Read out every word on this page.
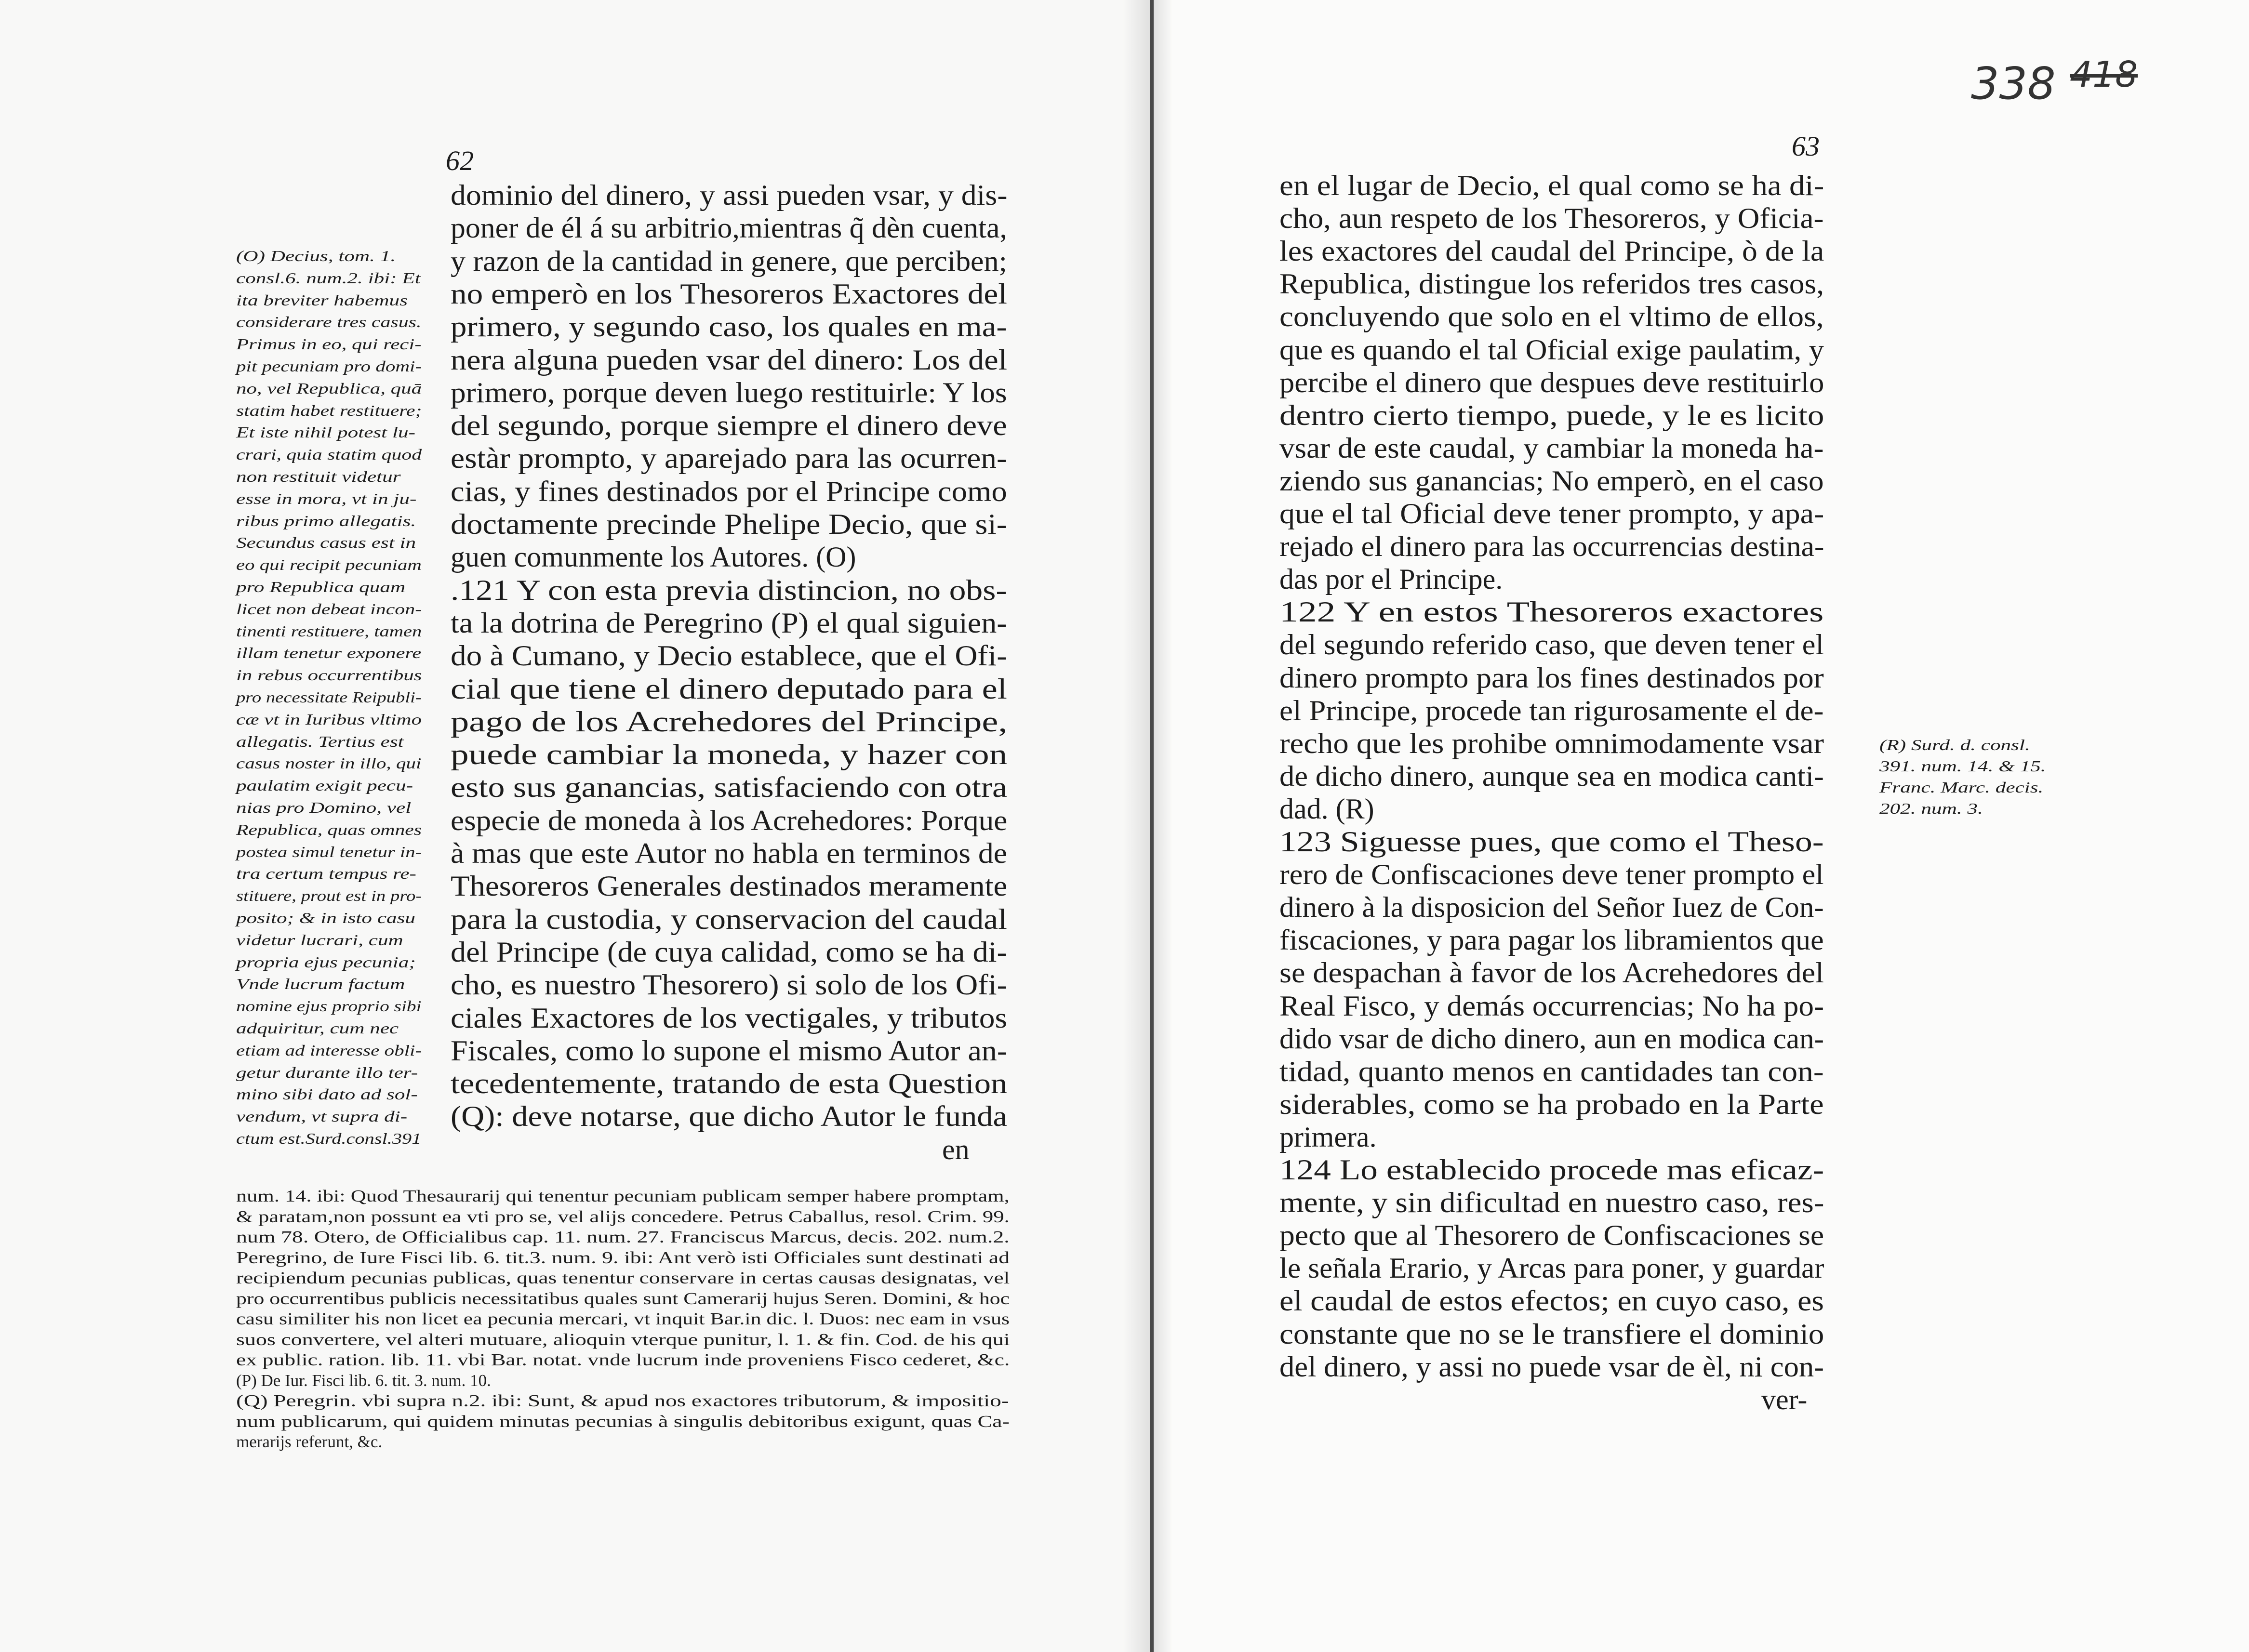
62
dominio del dinero, y assi pueden vsar, y dis-
poner de él á su arbitrio,mientras q̃ dèn cuenta,
y razon de la cantidad in genere, que perciben;
no emperò en los Thesoreros Exactores del
primero, y segundo caso, los quales en ma-
nera alguna pueden vsar del dinero: Los del
primero, porque deven luego restituirle: Y los
del segundo, porque siempre el dinero deve
estàr prompto, y aparejado para las ocurren-
cias, y fines destinados por el Principe como
doctamente precinde Phelipe Decio, que si-
guen comunmente los Autores. (O)
.121 Y con esta previa distincion, no obs-
ta la dotrina de Peregrino (P) el qual siguien-
do à Cumano, y Decio establece, que el Ofi-
cial que tiene el dinero deputado para el
pago de los Acrehedores del Principe,
puede cambiar la moneda, y hazer con
esto sus ganancias, satisfaciendo con otra
especie de moneda à los Acrehedores: Porque
à mas que este Autor no habla en terminos de
Thesoreros Generales destinados meramente
para la custodia, y conservacion del caudal
del Principe (de cuya calidad, como se ha di-
cho, es nuestro Thesorero) si solo de los Ofi-
ciales Exactores de los vectigales, y tributos
Fiscales, como lo supone el mismo Autor an-
tecedentemente, tratando de esta Question
(Q): deve notarse, que dicho Autor le funda
en
(O) Decius, tom. 1.
consl.6. num.2. ibi: Et
ita breviter habemus
considerare tres casus.
Primus in eo, qui reci-
pit pecuniam pro domi-
no, vel Republica, quā
statim habet restituere;
Et iste nihil potest lu-
crari, quia statim quod
non restituit videtur
esse in mora, vt in ju-
ribus primo allegatis.
Secundus casus est in
eo qui recipit pecuniam
pro Republica quam
licet non debeat incon-
tinenti restituere, tamen
illam tenetur exponere
in rebus occurrentibus
pro necessitate Reipubli-
cæ vt in Iuribus vltimo
allegatis. Tertius est
casus noster in illo, qui
paulatim exigit pecu-
nias pro Domino, vel
Republica, quas omnes
postea simul tenetur in-
tra certum tempus re-
stituere, prout est in pro-
posito; & in isto casu
videtur lucrari, cum
propria ejus pecunia;
Vnde lucrum factum
nomine ejus proprio sibi
adquiritur, cum nec
etiam ad interesse obli-
getur durante illo ter-
mino sibi dato ad sol-
vendum, vt supra di-
ctum est.Surd.consl.391
num. 14. ibi: Quod Thesaurarij qui tenentur pecuniam publicam semper habere promptam,
& paratam,non possunt ea vti pro se, vel alijs concedere. Petrus Caballus, resol. Crim. 99.
num 78. Otero, de Officialibus cap. 11. num. 27. Franciscus Marcus, decis. 202. num.2.
Peregrino, de Iure Fisci lib. 6. tit.3. num. 9. ibi: Ant verò isti Officiales sunt destinati ad
recipiendum pecunias publicas, quas tenentur conservare in certas causas designatas, vel
pro occurrentibus publicis necessitatibus quales sunt Camerarij hujus Seren. Domini, & hoc
casu similiter his non licet ea pecunia mercari, vt inquit Bar.in dic. l. Duos: nec eam in vsus
suos convertere, vel alteri mutuare, alioquin vterque punitur, l. 1. & fin. Cod. de his qui
ex public. ration. lib. 11. vbi Bar. notat. vnde lucrum inde proveniens Fisco cederet, &c.
(P) De Iur. Fisci lib. 6. tit. 3. num. 10.
(Q) Peregrin. vbi supra n.2. ibi: Sunt, & apud nos exactores tributorum, & impositio-
num publicarum, qui quidem minutas pecunias à singulis debitoribus exigunt, quas Ca-
merarijs referunt, &c.
338 418
63
en el lugar de Decio, el qual como se ha di-
cho, aun respeto de los Thesoreros, y Oficia-
les exactores del caudal del Principe, ò de la
Republica, distingue los referidos tres casos,
concluyendo que solo en el vltimo de ellos,
que es quando el tal Oficial exige paulatim, y
percibe el dinero que despues deve restituirlo
dentro cierto tiempo, puede, y le es licito
vsar de este caudal, y cambiar la moneda ha-
ziendo sus ganancias; No emperò, en el caso
que el tal Oficial deve tener prompto, y apa-
rejado el dinero para las occurrencias destina-
das por el Principe.
122 Y en estos Thesoreros exactores
del segundo referido caso, que deven tener el
dinero prompto para los fines destinados por
el Principe, procede tan rigurosamente el de-
recho que les prohibe omnimodamente vsar
de dicho dinero, aunque sea en modica canti-
dad. (R)
123 Siguesse pues, que como el Theso-
rero de Confiscaciones deve tener prompto el
dinero à la disposicion del Señor Iuez de Con-
fiscaciones, y para pagar los libramientos que
se despachan à favor de los Acrehedores del
Real Fisco, y demás occurrencias; No ha po-
dido vsar de dicho dinero, aun en modica can-
tidad, quanto menos en cantidades tan con-
siderables, como se ha probado en la Parte
primera.
124 Lo establecido procede mas eficaz-
mente, y sin dificultad en nuestro caso, res-
pecto que al Thesorero de Confiscaciones se
le señala Erario, y Arcas para poner, y guardar
el caudal de estos efectos; en cuyo caso, es
constante que no se le transfiere el dominio
del dinero, y assi no puede vsar de èl, ni con-
ver-
(R) Surd. d. consl.
391. num. 14. & 15.
Franc. Marc. decis.
202. num. 3.
